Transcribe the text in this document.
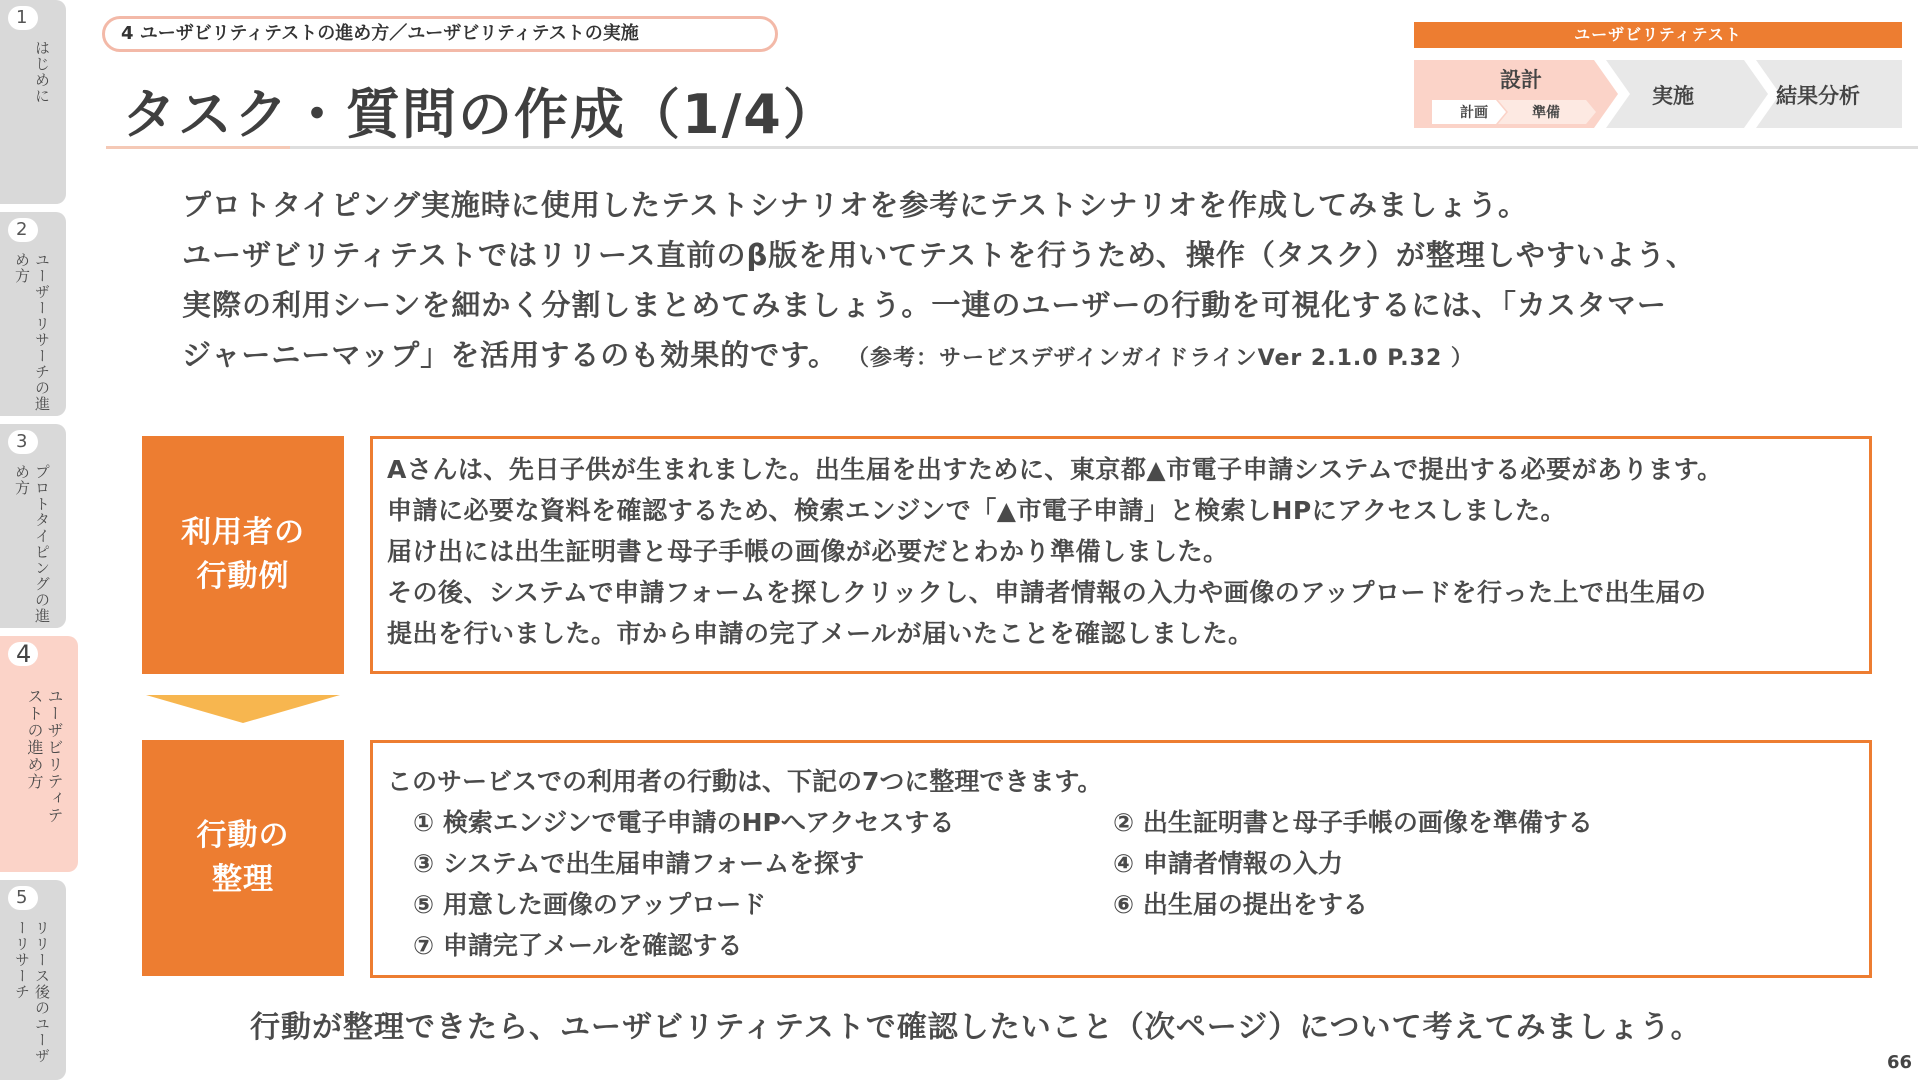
1
はじめに
2
ユーザーリサーチの進め方
3
プロトタイピングの進め方
4
ユーザビリティテストの進め方
5
リリース後のユーザーリサーチ
4 ユーザビリティテストの進め方／ユーザビリティテストの実施
タスク・質問の作成（1/4）
ユーザビリティテスト
設計
実施	結果分析
計画	準備
プロトタイピング実施時に使用したテストシナリオを参考にテストシナリオを作成してみましょう。
ユーザビリティテストではリリース直前のβ版を用いてテストを行うため、操作（タスク）が整理しやすいよう、
実際の利用シーンを細かく分割しまとめてみましょう。一連のユーザーの行動を可視化するには、「カスタマー
ジャーニーマップ」を活用するのも効果的です。 （参考：サービスデザインガイドラインVer 2.1.0 P.32 ）
利用者の
行動例
Aさんは、先日子供が生まれました。出生届を出すために、東京都▲市電子申請システムで提出する必要があります。
申請に必要な資料を確認するため、検索エンジンで「▲市電子申請」と検索しHPにアクセスしました。
届け出には出生証明書と母子手帳の画像が必要だとわかり準備しました。
その後、システムで申請フォームを探しクリックし、申請者情報の入力や画像のアップロードを行った上で出生届の
提出を行いました。市から申請の完了メールが届いたことを確認しました。
行動の
整理
このサービスでの利用者の行動は、下記の7つに整理できます。
① 検索エンジンで電子申請のHPへアクセスする	② 出生証明書と母子手帳の画像を準備する
③ システムで出生届申請フォームを探す	④ 申請者情報の入力
⑤ 用意した画像のアップロード	⑥ 出生届の提出をする
⑦ 申請完了メールを確認する
行動が整理できたら、ユーザビリティテストで確認したいこと（次ページ）について考えてみましょう。
66
